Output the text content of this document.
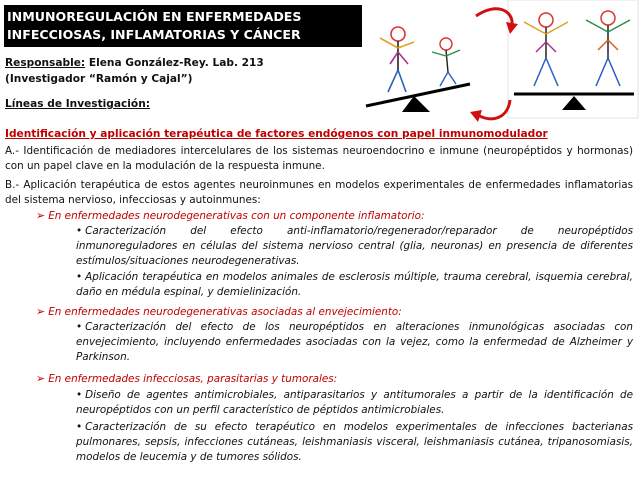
INMUNOREGULACIÓN EN ENFERMEDADES
INFECCIOSAS, INFLAMATORIAS Y CÁNCER
Responsable: Elena González-Rey. Lab. 213
(Investigador “Ramón y Cajal”)
Líneas de Investigación:
Identificación y aplicación terapéutica de factores endógenos con papel inmunomodulador
A.- Identificación de mediadores intercelulares de los sistemas neuroendocrino e inmune (neuropéptidos y hormonas) con un papel clave en la modulación de la respuesta inmune.
B.- Aplicación terapéutica de estos agentes neuroinmunes en modelos experimentales de enfermedades inflamatorias del sistema nervioso, infecciosas y autoinmunes:
➢ En enfermedades neurodegenerativas con un componente inflamatorio:
• Caracterización del efecto anti-inflamatorio/regenerador/reparador de neuropéptidos inmunoreguladores en células del sistema nervioso central (glia, neuronas) en presencia de diferentes estímulos/situaciones neurodegenerativas.
• Aplicación terapéutica en modelos animales de esclerosis múltiple, trauma cerebral, isquemia cerebral, daño en médula espinal, y demielinización.
➢ En enfermedades neurodegenerativas asociadas al envejecimiento:
• Caracterización del efecto de los neuropéptidos en alteraciones inmunológicas asociadas con envejecimiento, incluyendo enfermedades asociadas con la vejez, como la enfermedad de Alzheimer y Parkinson.
➢ En enfermedades infecciosas, parasitarias y tumorales:
• Diseño de agentes antimicrobiales, antiparasitarios y antitumorales a partir de la identificación de neuropéptidos con un perfil característico de péptidos antimicrobiales.
• Caracterización de su efecto terapéutico en modelos experimentales de infecciones bacterianas pulmonares, sepsis, infecciones cutáneas, leishmaniasis visceral, leishmaniasis cutánea, tripanosomiasis, modelos de leucemia y de tumores sólidos.
